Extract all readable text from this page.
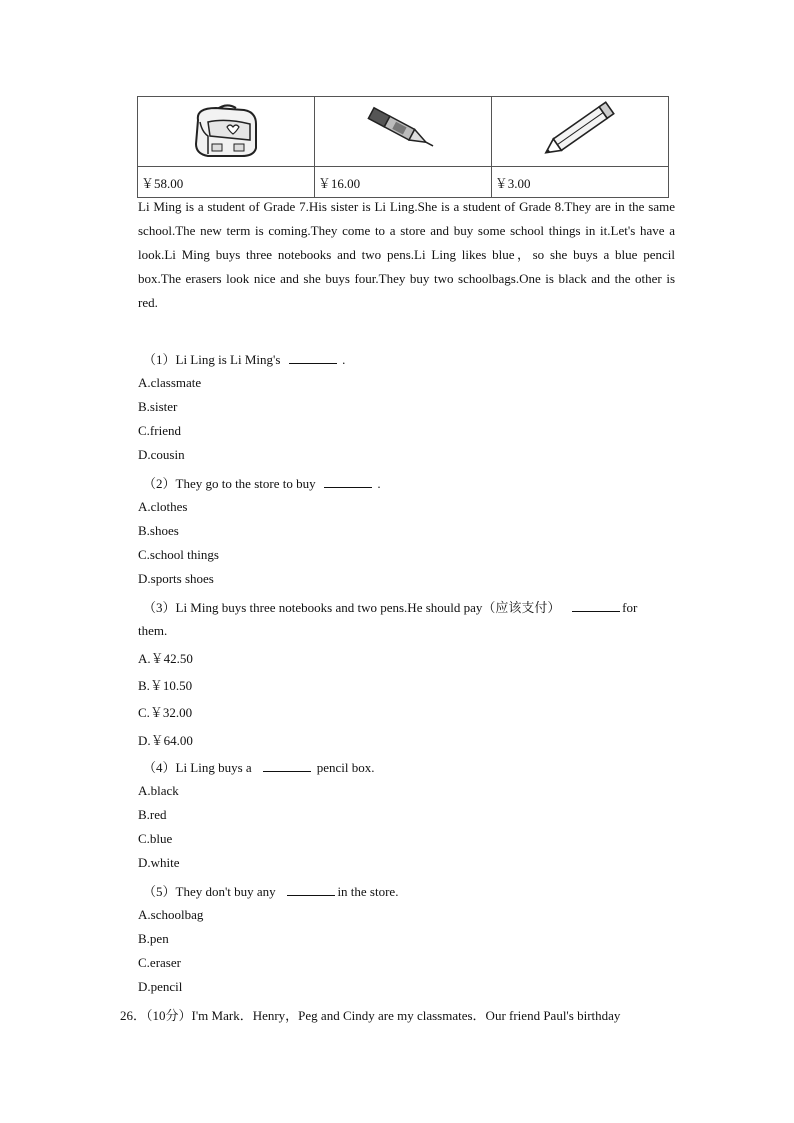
￥58.00	￥16.00	￥3.00
Li Ming is a student of Grade 7.His sister is Li Ling.She is a student of Grade 8.They are in the same school.The new term is coming.They come to a store and buy some school things in it.Let's have a look.Li Ming buys three notebooks and two pens.Li Ling likes blue，so she buys a blue pencil box.The erasers look nice and she buys four.They buy two schoolbags.One is black and the other is red.
（1）Li Ling is Li Ming's	.
A.classmate
B.sister
C.friend
D.cousin
（2）They go to the store to buy	.
A.clothes
B.shoes
C.school things
D.sports shoes
（3）Li Ming buys three notebooks and two pens.He should pay（应该支付）	for
them.
A.￥42.50
B.￥10.50
C.￥32.00
D.￥64.00
（4）Li Ling buys a	pencil box.
A.black
B.red
C.blue
D.white
（5）They don't buy any	in the store.
A.schoolbag
B.pen
C.eraser
D.pencil
26．（10分）I'm Mark．Henry，Peg and Cindy are my classmates．Our friend Paul's birthday
